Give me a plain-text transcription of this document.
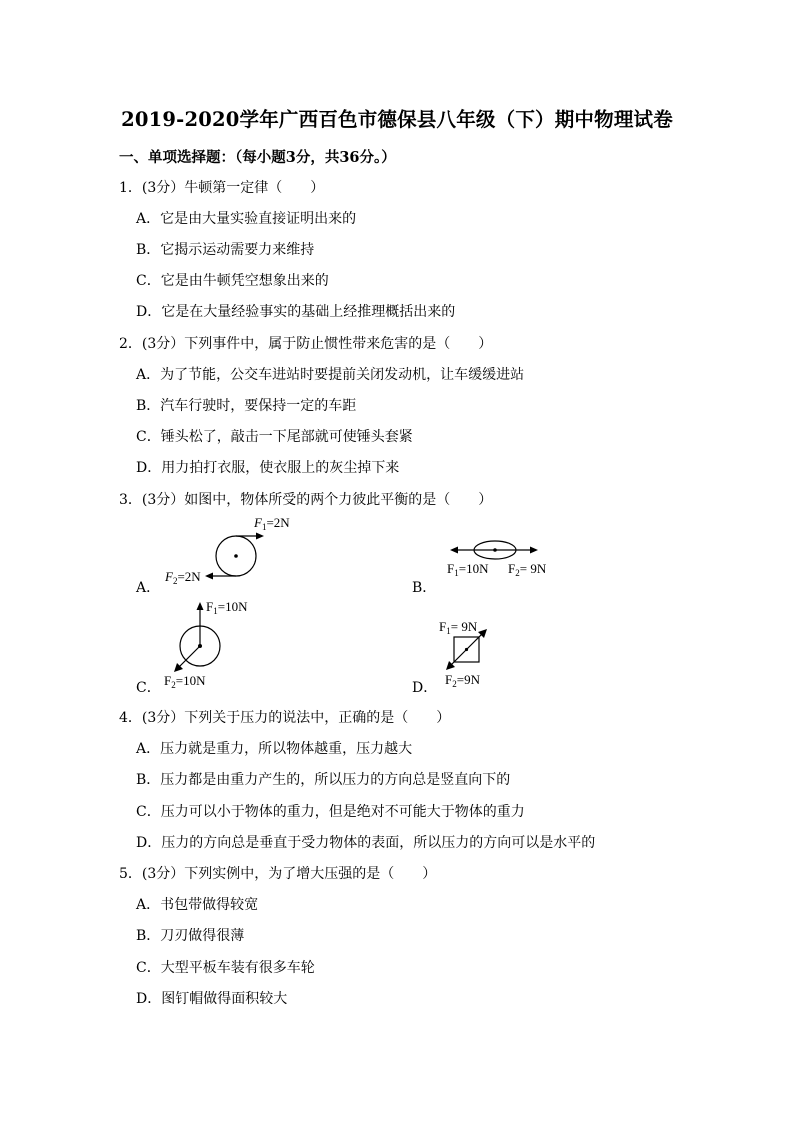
2019-2020学年广西百色市德保县八年级（下）期中物理试卷
一、单项选择题：（每小题3分，共36分。）
1．(3分）牛顿第一定律（　　）
A．它是由大量实验直接证明出来的
B．它揭示运动需要力来维持
C．它是由牛顿凭空想象出来的
D．它是在大量经验事实的基础上经推理概括出来的
2．(3分）下列事件中，属于防止惯性带来危害的是（　　）
A．为了节能，公交车进站时要提前关闭发动机，让车缓缓进站
B．汽车行驶时，要保持一定的车距
C．锤头松了，敲击一下尾部就可使锤头套紧
D．用力拍打衣服，使衣服上的灰尘掉下来
3．(3分）如图中，物体所受的两个力彼此平衡的是（　　）
A．
$F_1=2N$
$F_2=2N$
B．
$F_1=10N$ $F_2= 9N$
C．
$F_1=10N$
$F_2=10N$	D．
$F_1= 9N$
$F_2=9N$
4．(3分）下列关于压力的说法中，正确的是（　　）
A．压力就是重力，所以物体越重，压力越大
B．压力都是由重力产生的，所以压力的方向总是竖直向下的
C．压力可以小于物体的重力，但是绝对不可能大于物体的重力
D．压力的方向总是垂直于受力物体的表面，所以压力的方向可以是水平的
5．(3分）下列实例中，为了增大压强的是（　　）
A．书包带做得较宽
B．刀刃做得很薄
C．大型平板车装有很多车轮
D．图钉帽做得面积较大
